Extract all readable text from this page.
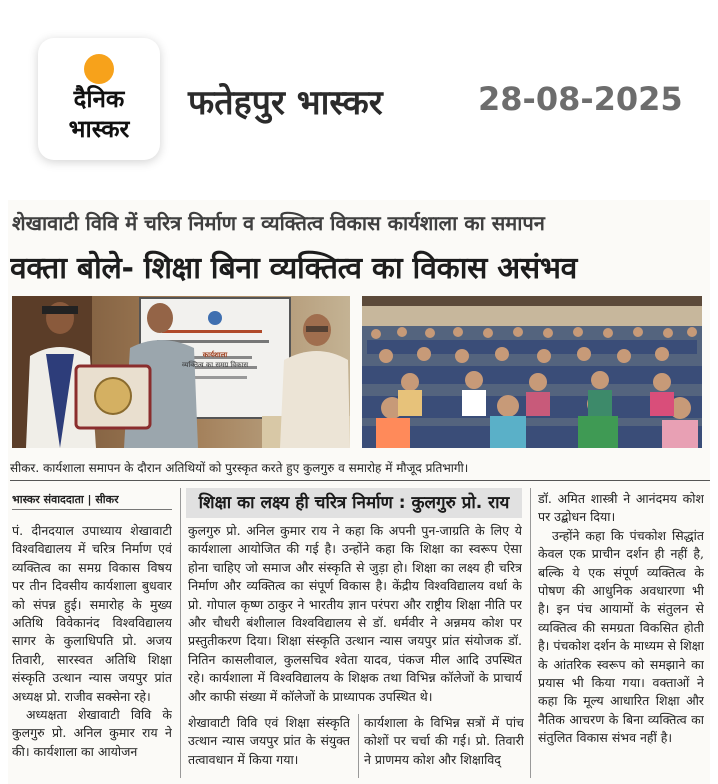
दैनिक
भास्कर
फतेहपुर भास्कर	28-08-2025
शेखावाटी विवि में चरित्र निर्माण व व्यक्तित्व विकास कार्यशाला का समापन
वक्ता बोले- शिक्षा बिना व्यक्तित्व का विकास असंभव
कार्यशाला
व्यक्तित्व का समग्र विकास
सीकर. कार्यशाला समापन के दौरान अतिथियों को पुरस्कृत करते हुए कुलगुरु व समारोह में मौजूद प्रतिभागी।
भास्कर संवाददाता | सीकर	शिक्षा का लक्ष्य ही चरित्र निर्माण : कुलगुरु प्रो. राय

पं. दीनदयाल उपाध्याय शेखावाटी विश्वविद्यालय में चरित्र निर्माण एवं व्यक्तित्व का समग्र विकास विषय पर तीन दिवसीय कार्यशाला बुधवार को संपन्न हुई। समारोह के मुख्य अतिथि विवेकानंद विश्वविद्यालय सागर के कुलाधिपति प्रो. अजय तिवारी, सारस्वत अतिथि शिक्षा संस्कृति उत्थान न्यास जयपुर प्रांत अध्यक्ष प्रो. राजीव सक्सेना रहे।

अध्यक्षता शेखावाटी विवि के कुलगुरु प्रो. अनिल कुमार राय ने की। कार्यशाला का आयोजन

कुलगुरु प्रो. अनिल कुमार राय ने कहा कि अपनी पुन-जाग्रति के लिए ये कार्यशाला आयोजित की गई है। उन्होंने कहा कि शिक्षा का स्वरूप ऐसा होना चाहिए जो समाज और संस्कृति से जुड़ा हो। शिक्षा का लक्ष्य ही चरित्र निर्माण और व्यक्तित्व का संपूर्ण विकास है। केंद्रीय विश्वविद्यालय वर्धा के प्रो. गोपाल कृष्ण ठाकुर ने भारतीय ज्ञान परंपरा और राष्ट्रीय शिक्षा नीति पर और चौधरी बंशीलाल विश्वविद्यालय से डॉ. धर्मवीर ने अन्नमय कोश पर प्रस्तुतीकरण दिया। शिक्षा संस्कृति उत्थान न्यास जयपुर प्रांत संयोजक डॉ. नितिन कासलीवाल, कुलसचिव श्वेता यादव, पंकज मील आदि उपस्थित रहे। कार्यशाला में विश्वविद्यालय के शिक्षक तथा विभिन्न कॉलेजों के प्राचार्य और काफी संख्या में कॉलेजों के प्राध्यापक उपस्थित थे।

शेखावाटी विवि एवं शिक्षा संस्कृति उत्थान न्यास जयपुर प्रांत के संयुक्त तत्वावधान में किया गया।

कार्यशाला के विभिन्न सत्रों में पांच कोशों पर चर्चा की गई। प्रो. तिवारी ने प्राणमय कोश और शिक्षाविद्

डॉ. अमित शास्त्री ने आनंदमय कोश पर उद्बोधन दिया।

उन्होंने कहा कि पंचकोश सिद्धांत केवल एक प्राचीन दर्शन ही नहीं है, बल्कि ये एक संपूर्ण व्यक्तित्व के पोषण की आधुनिक अवधारणा भी है। इन पंच आयामों के संतुलन से व्यक्तित्व की समग्रता विकसित होती है। पंचकोश दर्शन के माध्यम से शिक्षा के आंतरिक स्वरूप को समझाने का प्रयास भी किया गया। वक्ताओं ने कहा कि मूल्य आधारित शिक्षा और नैतिक आचरण के बिना व्यक्तित्व का संतुलित विकास संभव नहीं है।
